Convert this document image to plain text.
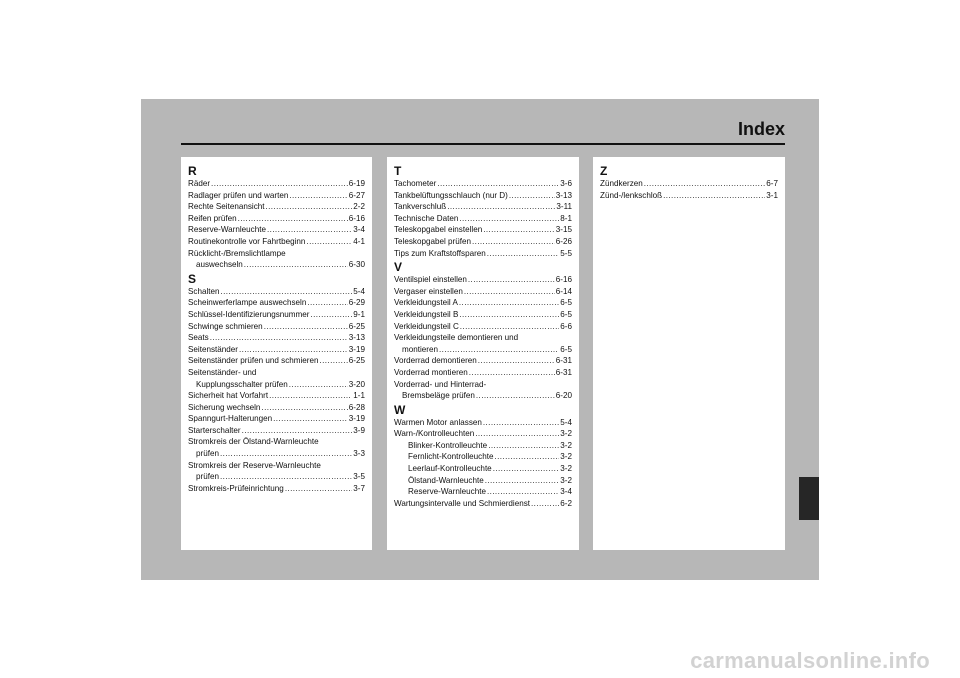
Index
R
Räder .....	6-19
Radlager prüfen und warten .....	6-27
Rechte Seitenansicht .....	2-2
Reifen prüfen .....	6-16
Reserve-Warnleuchte .....	3-4
Routinekontrolle vor Fahrtbeginn .....	4-1
Rücklicht-/Bremslichtlampe
auswechseln .....	6-30
S
Schalten .....	5-4
Scheinwerferlampe auswechseln .....	6-29
Schlüssel-Identifizierungsnummer .....	9-1
Schwinge schmieren .....	6-25
Seats .....	3-13
Seitenständer .....	3-19
Seitenständer prüfen und schmieren .....	6-25
Seitenständer- und
Kupplungsschalter prüfen .....	3-20
Sicherheit hat Vorfahrt .....	1-1
Sicherung wechseln .....	6-28
Spanngurt-Halterungen .....	3-19
Starterschalter .....	3-9
Stromkreis der Ölstand-Warnleuchte
prüfen .....	3-3
Stromkreis der Reserve-Warnleuchte
prüfen .....	3-5
Stromkreis-Prüfeinrichtung .....	3-7
T
Tachometer .....	3-6
Tankbelüftungsschlauch (nur D) .....	3-13
Tankverschluß .....	3-11
Technische Daten .....	8-1
Teleskopgabel einstellen .....	3-15
Teleskopgabel prüfen .....	6-26
Tips zum Kraftstoffsparen .....	5-5
V
Ventilspiel einstellen .....	6-16
Vergaser einstellen .....	6-14
Verkleidungsteil A .....	6-5
Verkleidungsteil B .....	6-5
Verkleidungsteil C .....	6-6
Verkleidungsteile demontieren und
montieren .....	6-5
Vorderrad demontieren .....	6-31
Vorderrad montieren .....	6-31
Vorderrad- und Hinterrad-
Bremsbeläge prüfen .....	6-20
W
Warmen Motor anlassen .....	5-4
Warn-/Kontrolleuchten .....	3-2
Blinker-Kontrolleuchte .....	3-2
Fernlicht-Kontrolleuchte .....	3-2
Leerlauf-Kontrolleuchte .....	3-2
Ölstand-Warnleuchte .....	3-2
Reserve-Warnleuchte .....	3-4
Wartungsintervalle und Schmierdienst .....	6-2
Z
Zündkerzen .....	6-7
Zünd-/lenkschloß .....	3-1
carmanualsonline.info
